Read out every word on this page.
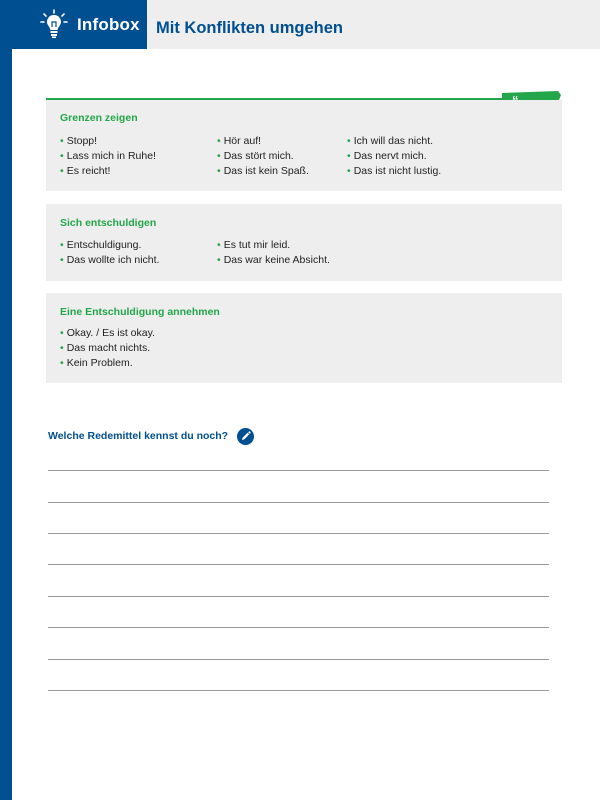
Infobox Mit Konflikten umgehen
Grenzen zeigen
• Stopp!
• Lass mich in Ruhe!
• Es reicht!
• Hör auf!
• Das stört mich.
• Das ist kein Spaß.
• Ich will das nicht.
• Das nervt mich.
• Das ist nicht lustig.
Sich entschuldigen
• Entschuldigung.
• Das wollte ich nicht.
• Es tut mir leid.
• Das war keine Absicht.
Eine Entschuldigung annehmen
• Okay. / Es ist okay.
• Das macht nichts.
• Kein Problem.
Welche Redemittel kennst du noch?
